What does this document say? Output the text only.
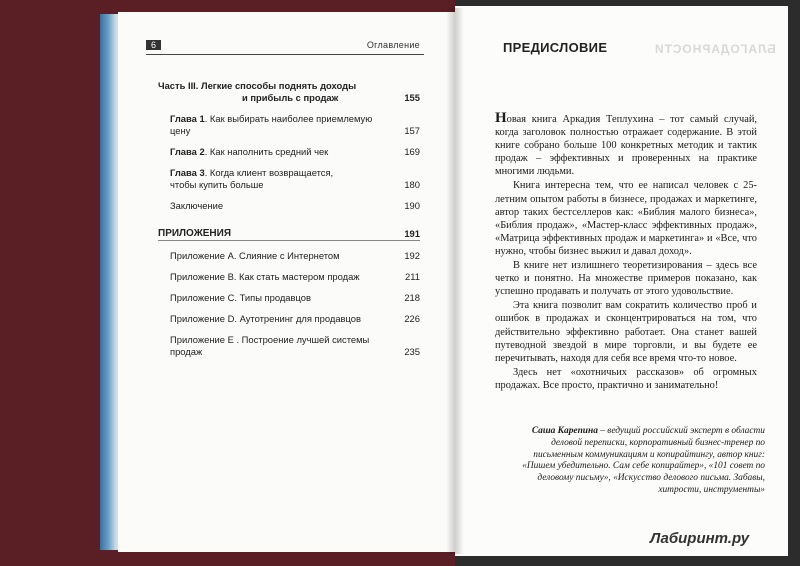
6	Оглавление
Часть III. Легкие способы поднять доходы
и прибыль с продаж	155
Глава 1. Как выбирать наиболее приемлемую
цену	157
Глава 2. Как наполнить средний чек	169
Глава 3. Когда клиент возвращается,
чтобы купить больше	180
Заключение	190
ПРИЛОЖЕНИЯ	191
Приложение A. Слияние с Интернетом	192
Приложение B. Как стать мастером продаж	211
Приложение C. Типы продавцов	218
Приложение D. Аутотренинг для продавцов	226
Приложение E . Построение лучшей системы
продаж	235
ПРЕДИСЛОВИЕ	БЛАГОДАРНОСТИ

Новая книга Аркадия Теплухина – тот самый случай, когда заголовок полностью отражает содержание. В этой книге собрано больше 100 конкретных методик и тактик продаж – эффективных и проверенных на практике многими людьми.

Книга интересна тем, что ее написал человек с 25-летним опытом работы в бизнесе, продажах и маркетинге, автор таких бестселлеров как: «Библия малого бизнеса», «Библия продаж», «Мастер-класс эффективных продаж», «Матрица эффективных продаж и маркетинга» и «Все, что нужно, чтобы бизнес выжил и давал доход».

В книге нет излишнего теоретизирования – здесь все четко и понятно. На множестве примеров показано, как успешно продавать и получать от этого удовольствие.

Эта книга позволит вам сократить количество проб и ошибок в продажах и сконцентрироваться на том, что действительно эффективно работает. Она станет вашей путеводной звездой в мире торговли, и вы будете ее перечитывать, находя для себя все время что-то новое.

Здесь нет «охотничьих рассказов» об огромных продажах. Все просто, практично и занимательно!

Саша Карепина – ведущий российский эксперт в области деловой переписки, корпоративный бизнес-тренер по письменным коммуникациям и копирайтингу, автор книг: «Пишем убедительно. Сам себе копирайтер», «101 совет по деловому письму», «Искусство делового письма. Забавы, хитрости, инструменты»
Лабиринт.ру
